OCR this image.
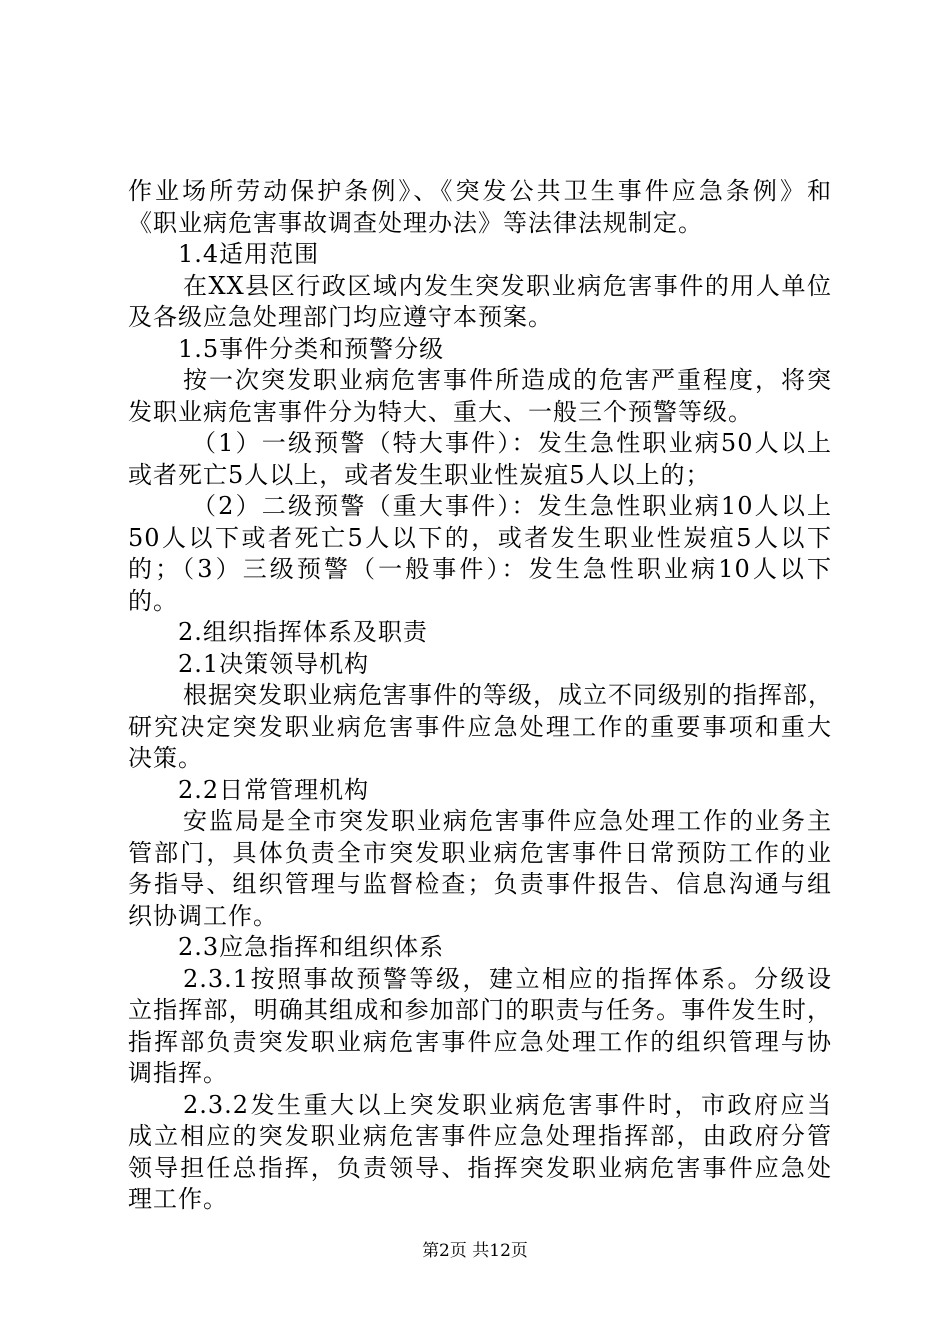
作业场所劳动保护条例》、《突发公共卫生事件应急条例》和
《职业病危害事故调查处理办法》等法律法规制定。
1.4适用范围
在XX县区行政区域内发生突发职业病危害事件的用人单位
及各级应急处理部门均应遵守本预案。
1.5事件分类和预警分级
按一次突发职业病危害事件所造成的危害严重程度，将突
发职业病危害事件分为特大、重大、一般三个预警等级。
（1）一级预警（特大事件）：发生急性职业病50人以上
或者死亡5人以上，或者发生职业性炭疽5人以上的；
（2）二级预警（重大事件）：发生急性职业病10人以上
50人以下或者死亡5人以下的，或者发生职业性炭疽5人以下
的；（3）三级预警（一般事件）：发生急性职业病10人以下
的。
2.组织指挥体系及职责
2.1决策领导机构
根据突发职业病危害事件的等级，成立不同级别的指挥部，
研究决定突发职业病危害事件应急处理工作的重要事项和重大
决策。
2.2日常管理机构
安监局是全市突发职业病危害事件应急处理工作的业务主
管部门，具体负责全市突发职业病危害事件日常预防工作的业
务指导、组织管理与监督检查；负责事件报告、信息沟通与组
织协调工作。
2.3应急指挥和组织体系
2.3.1按照事故预警等级，建立相应的指挥体系。分级设
立指挥部，明确其组成和参加部门的职责与任务。事件发生时，
指挥部负责突发职业病危害事件应急处理工作的组织管理与协
调指挥。
2.3.2发生重大以上突发职业病危害事件时，市政府应当
成立相应的突发职业病危害事件应急处理指挥部，由政府分管
领导担任总指挥，负责领导、指挥突发职业病危害事件应急处
理工作。
第2页 共12页
